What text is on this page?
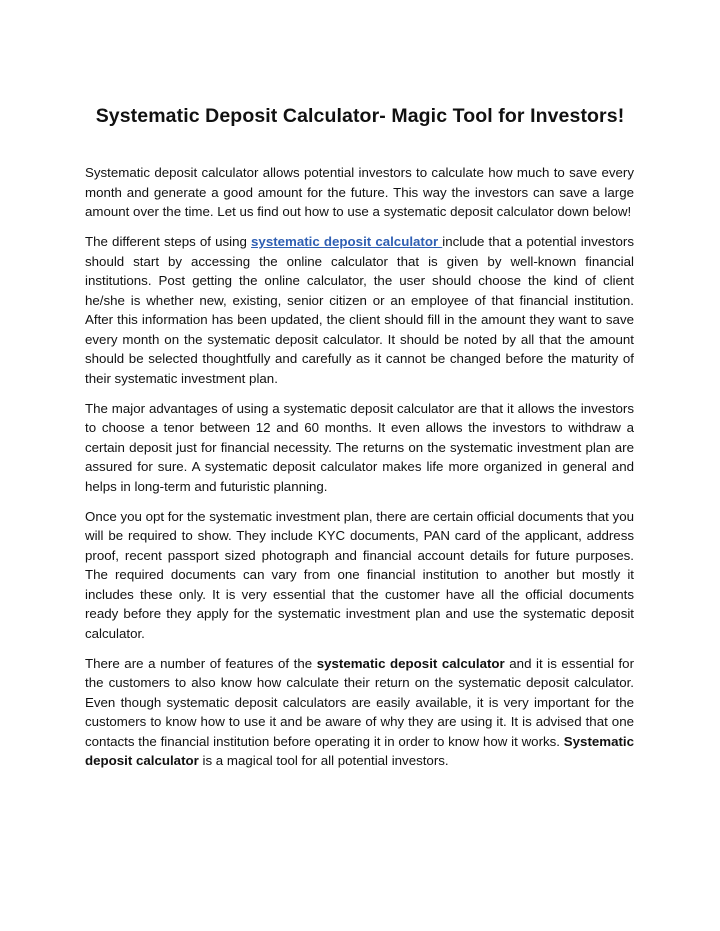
Systematic Deposit Calculator- Magic Tool for Investors!

Systematic deposit calculator allows potential investors to calculate how much to save every month and generate a good amount for the future. This way the investors can save a large amount over the time. Let us find out how to use a systematic deposit calculator down below!

The different steps of using systematic deposit calculator include that a potential investors should start by accessing the online calculator that is given by well-known financial institutions. Post getting the online calculator, the user should choose the kind of client he/she is whether new, existing, senior citizen or an employee of that financial institution. After this information has been updated, the client should fill in the amount they want to save every month on the systematic deposit calculator. It should be noted by all that the amount should be selected thoughtfully and carefully as it cannot be changed before the maturity of their systematic investment plan.

The major advantages of using a systematic deposit calculator are that it allows the investors to choose a tenor between 12 and 60 months. It even allows the investors to withdraw a certain deposit just for financial necessity. The returns on the systematic investment plan are assured for sure. A systematic deposit calculator makes life more organized in general and helps in long-term and futuristic planning.

Once you opt for the systematic investment plan, there are certain official documents that you will be required to show. They include KYC documents, PAN card of the applicant, address proof, recent passport sized photograph and financial account details for future purposes. The required documents can vary from one financial institution to another but mostly it includes these only. It is very essential that the customer have all the official documents ready before they apply for the systematic investment plan and use the systematic deposit calculator.

There are a number of features of the systematic deposit calculator and it is essential for the customers to also know how calculate their return on the systematic deposit calculator. Even though systematic deposit calculators are easily available, it is very important for the customers to know how to use it and be aware of why they are using it. It is advised that one contacts the financial institution before operating it in order to know how it works. Systematic deposit calculator is a magical tool for all potential investors.
